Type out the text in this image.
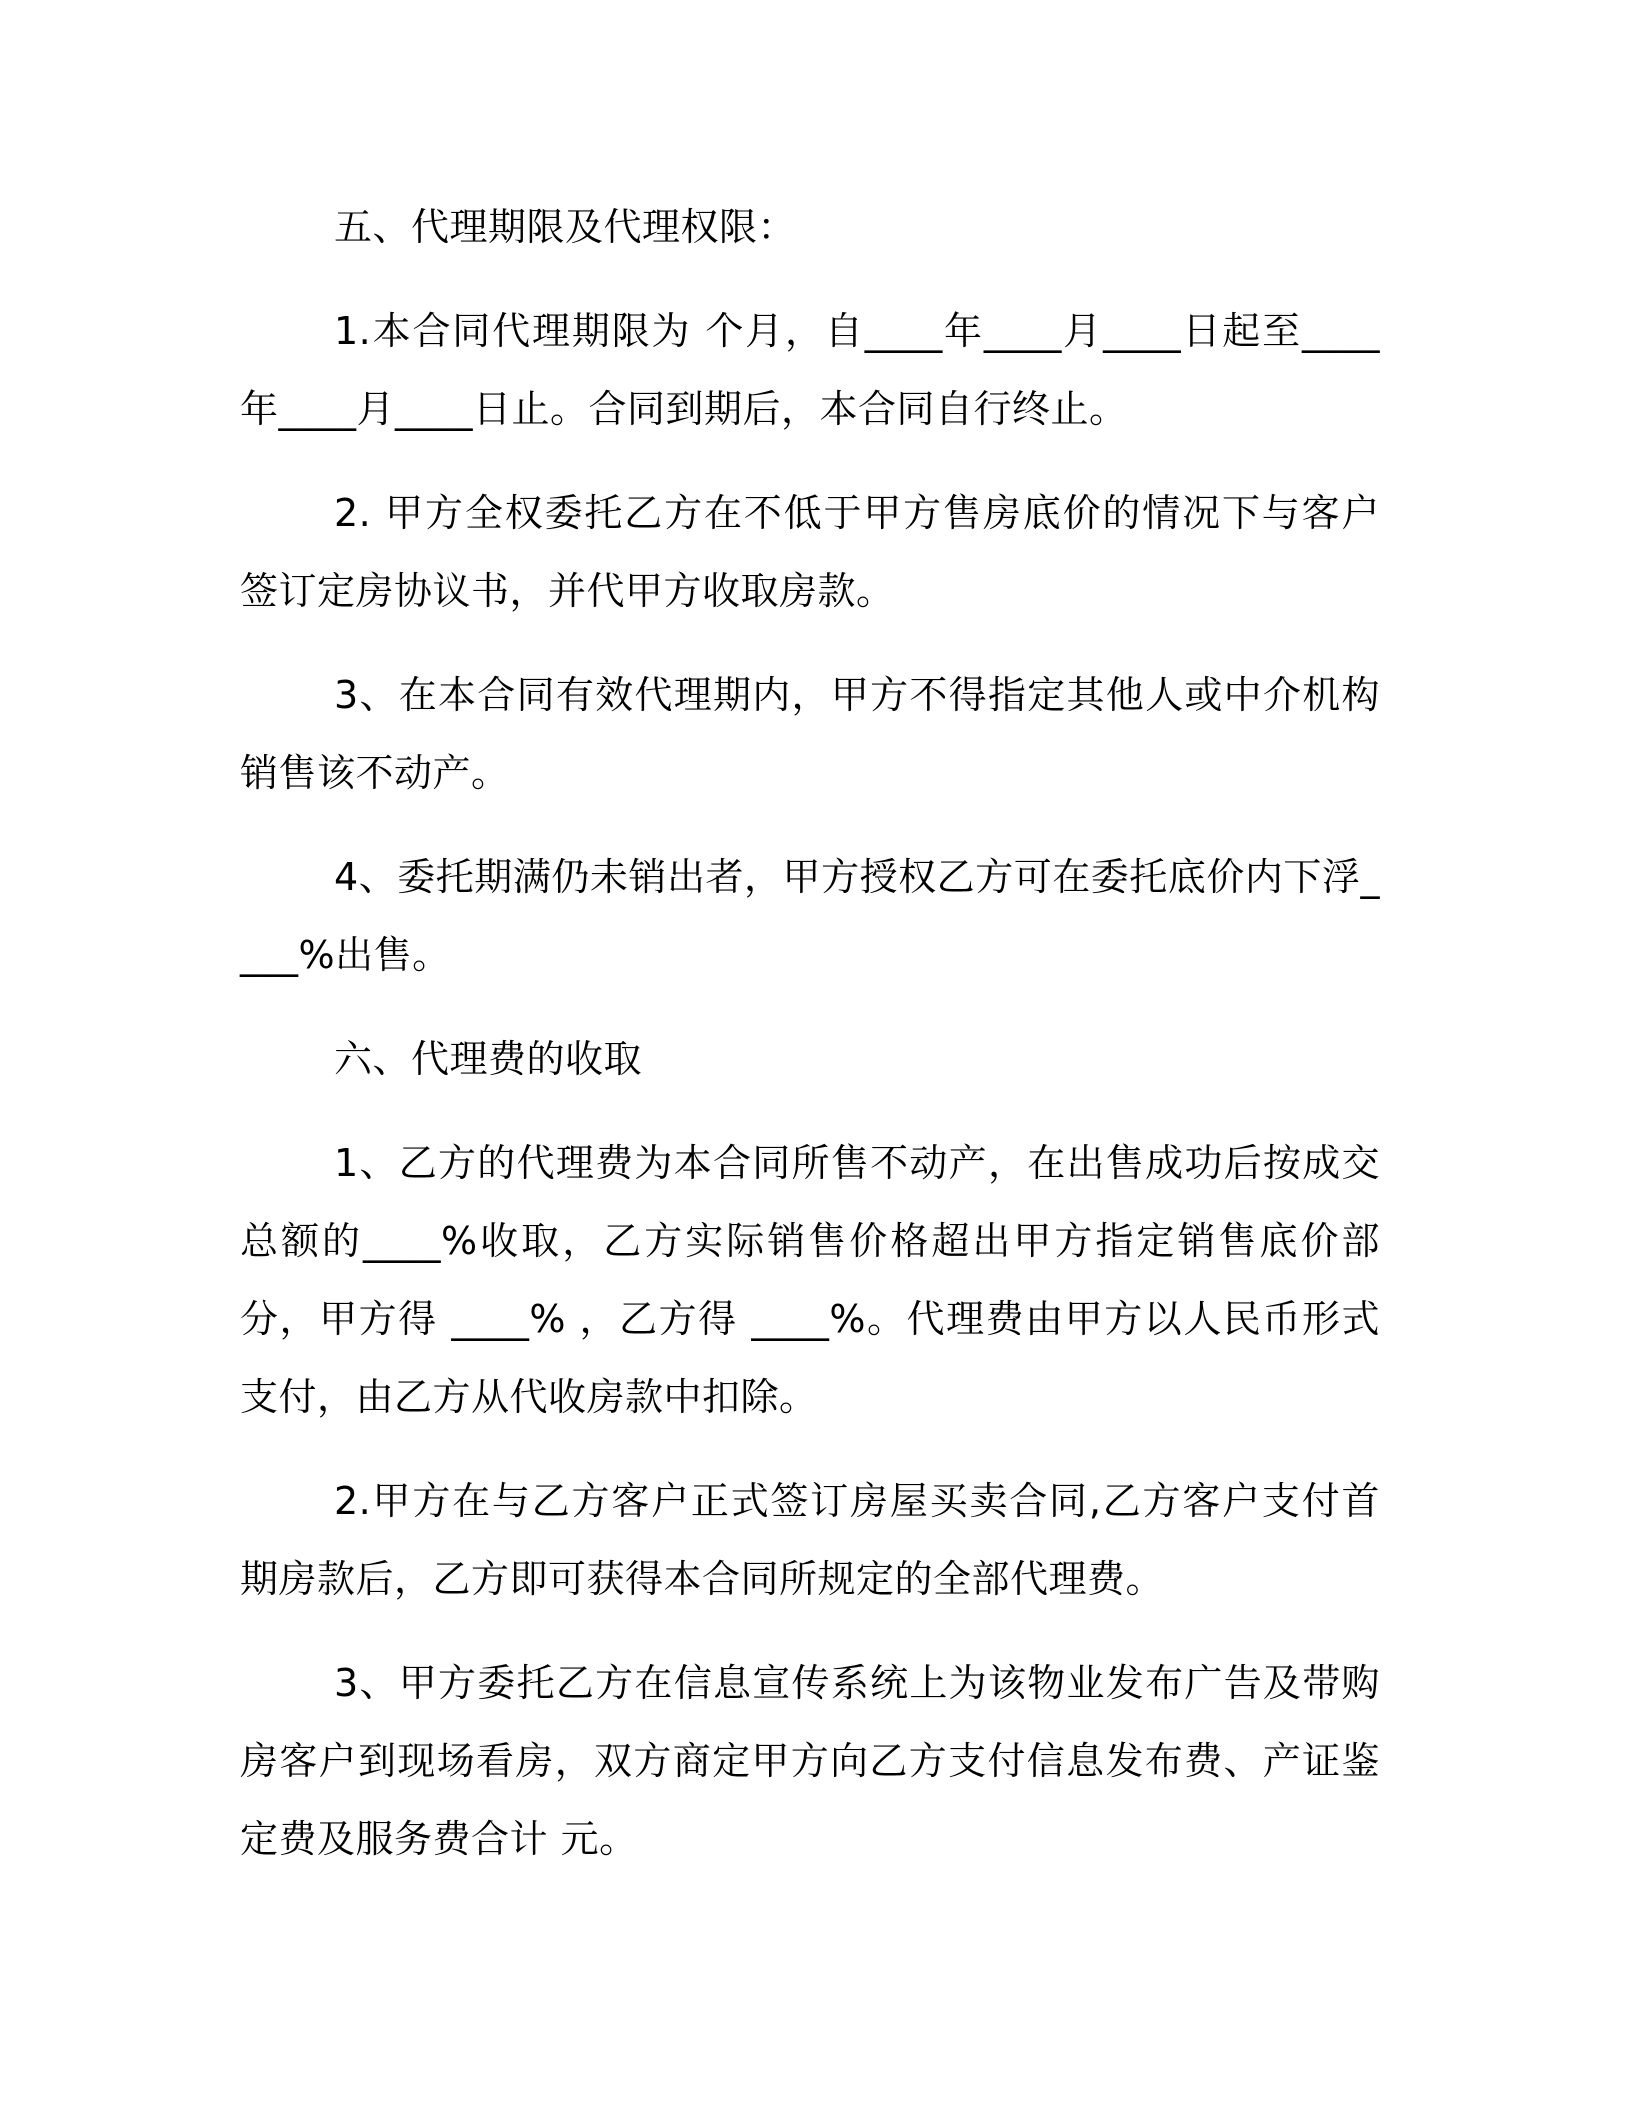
五、代理期限及代理权限：

1.本合同代理期限为 个月，自____年____月____日起至____年____月____日止。合同到期后，本合同自行终止。

2. 甲方全权委托乙方在不低于甲方售房底价的情况下与客户签订定房协议书，并代甲方收取房款。

3、在本合同有效代理期内，甲方不得指定其他人或中介机构销售该不动产。

4、委托期满仍未销出者，甲方授权乙方可在委托底价内下浮____%出售。

六、代理费的收取

1、乙方的代理费为本合同所售不动产，在出售成功后按成交总额的____%收取，乙方实际销售价格超出甲方指定销售底价部分，甲方得 ____% ，乙方得 ____%。代理费由甲方以人民币形式支付，由乙方从代收房款中扣除。

2.甲方在与乙方客户正式签订房屋买卖合同,乙方客户支付首期房款后，乙方即可获得本合同所规定的全部代理费。

3、甲方委托乙方在信息宣传系统上为该物业发布广告及带购房客户到现场看房，双方商定甲方向乙方支付信息发布费、产证鉴定费及服务费合计 元。
